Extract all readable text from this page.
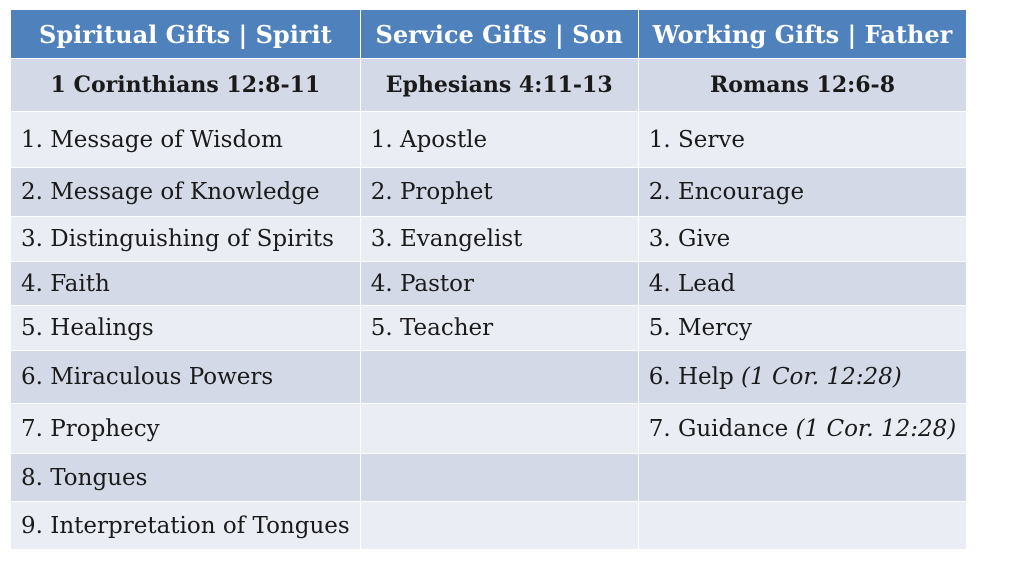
Spiritual Gifts | Spirit	Service Gifts | Son	Working Gifts | Father
1 Corinthians 12:8-11	Ephesians 4:11-13	Romans 12:6-8
1. Message of Wisdom	1. Apostle	1. Serve
2. Message of Knowledge	2. Prophet	2. Encourage
3. Distinguishing of Spirits	3. Evangelist	3. Give
4. Faith	4. Pastor	4. Lead
5. Healings	5. Teacher	5. Mercy
6. Miraculous Powers		6. Help (1 Cor. 12:28)
7. Prophecy		7. Guidance (1 Cor. 12:28)
8. Tongues		
9. Interpretation of Tongues		
